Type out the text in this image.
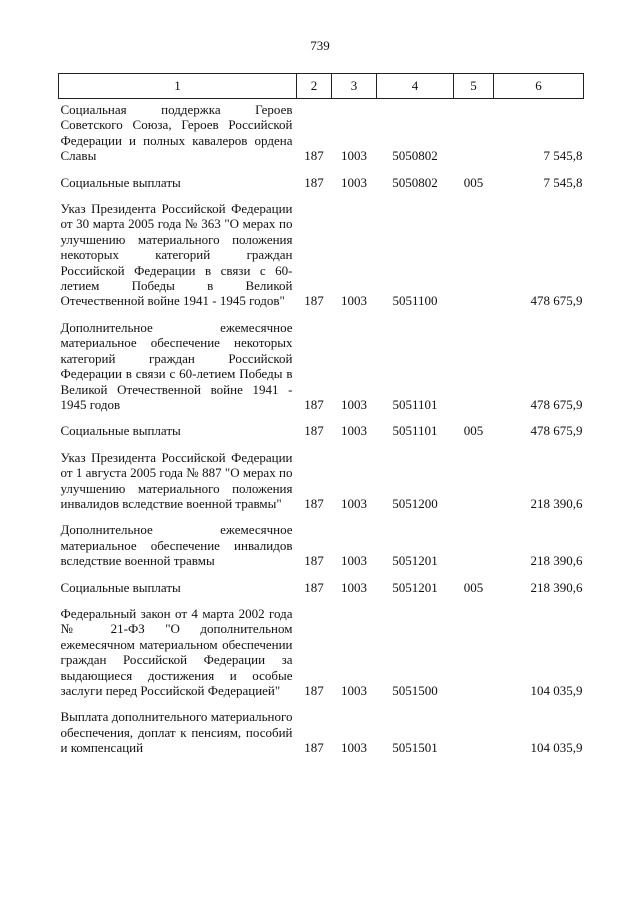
739
1	2	3	4	5	6
Социальная поддержка Героев Советского Союза, Героев Российской Федерации и полных кавалеров ордена Славы	187	1003	5050802		7 545,8
Социальные выплаты	187	1003	5050802	005	7 545,8
Указ Президента Российской Федерации от 30 марта 2005 года № 363 "О мерах по улучшению материального положения некоторых категорий граждан Российской Федерации в связи с 60-летием Победы в Великой Отечественной войне 1941 - 1945 годов"	187	1003	5051100		478 675,9
Дополнительное ежемесячное материальное обеспечение некоторых категорий граждан Российской Федерации в связи с 60-летием Победы в Великой Отечественной войне 1941 - 1945 годов	187	1003	5051101		478 675,9
Социальные выплаты	187	1003	5051101	005	478 675,9
Указ Президента Российской Федерации от 1 августа 2005 года № 887 "О мерах по улучшению материального положения инвалидов вследствие военной травмы"	187	1003	5051200		218 390,6
Дополнительное ежемесячное материальное обеспечение инвалидов вследствие военной травмы	187	1003	5051201		218 390,6
Социальные выплаты	187	1003	5051201	005	218 390,6
Федеральный закон от 4 марта 2002 года № 21-ФЗ "О дополнительном ежемесячном материальном обеспечении граждан Российской Федерации за выдающиеся достижения и особые заслуги перед Российской Федерацией"	187	1003	5051500		104 035,9
Выплата дополнительного материального обеспечения, доплат к пенсиям, пособий и компенсаций	187	1003	5051501		104 035,9
